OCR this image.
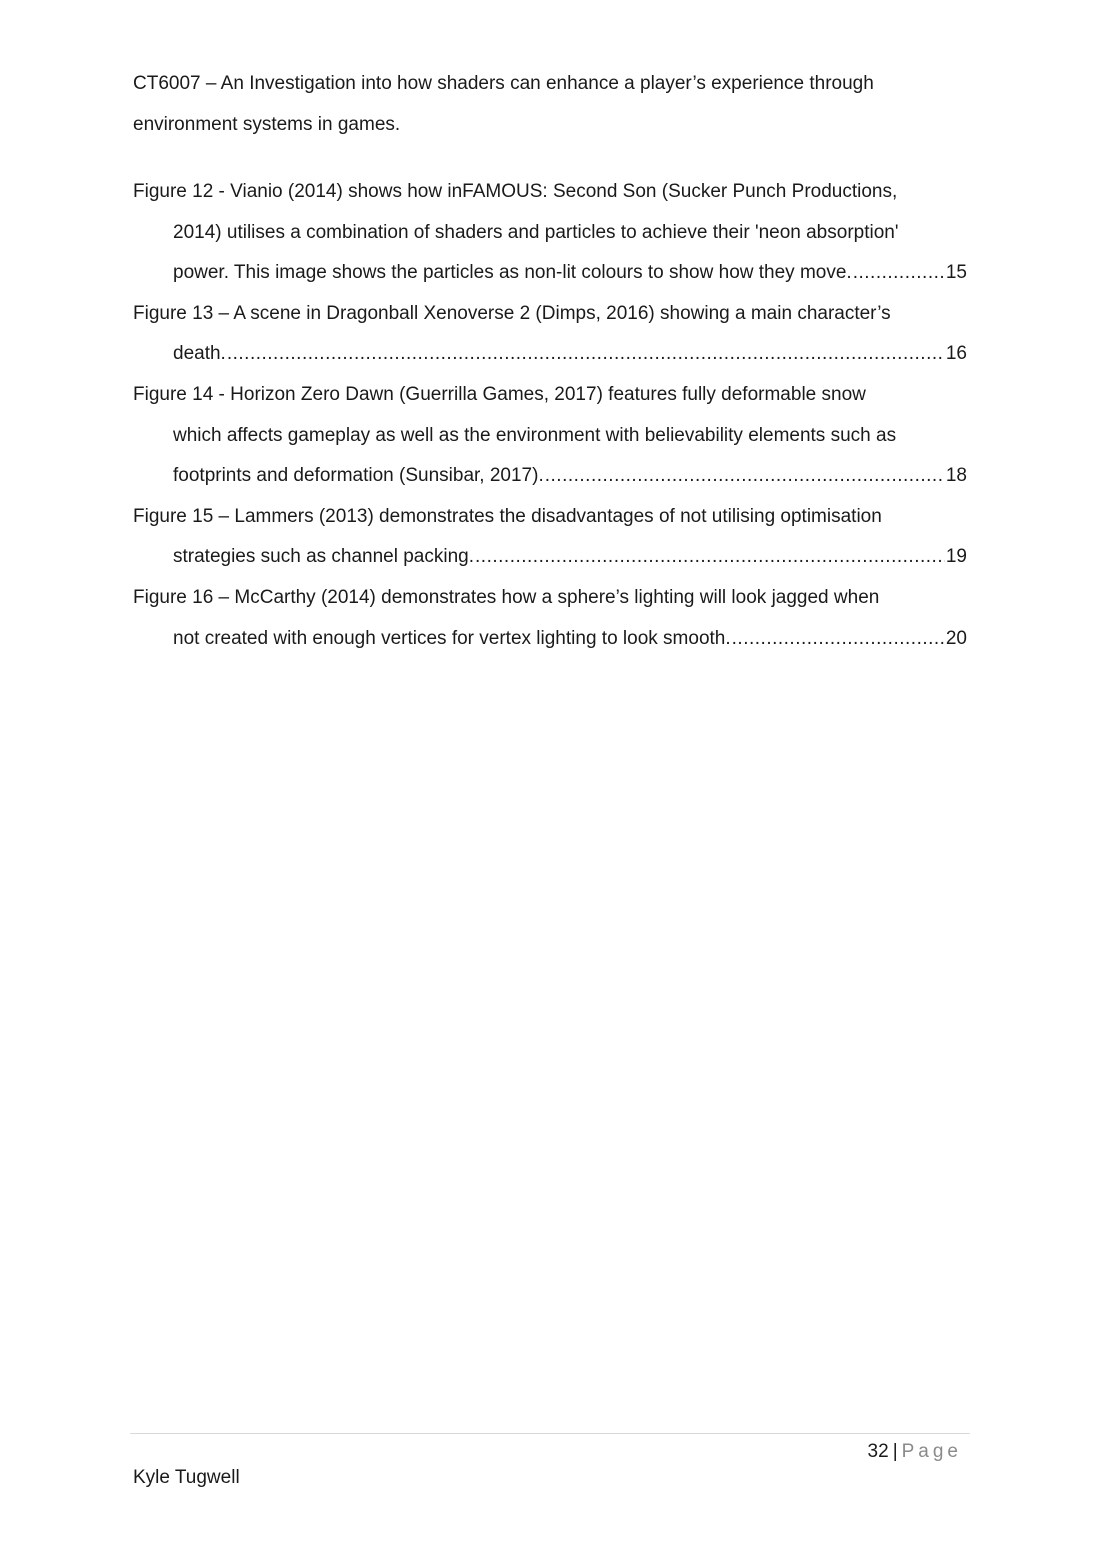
CT6007 – An Investigation into how shaders can enhance a player’s experience through
environment systems in games.
Figure 12 - Vianio (2014) shows how inFAMOUS: Second Son (Sucker Punch Productions,
2014) utilises a combination of shaders and particles to achieve their 'neon absorption'
power. This image shows the particles as non-lit colours to show how they move. .....	15
Figure 13 – A scene in Dragonball Xenoverse 2 (Dimps, 2016) showing a main character’s
death. .....	16
Figure 14 - Horizon Zero Dawn (Guerrilla Games, 2017) features fully deformable snow
which affects gameplay as well as the environment with believability elements such as
footprints and deformation (Sunsibar, 2017). .....	18
Figure 15 – Lammers (2013) demonstrates the disadvantages of not utilising optimisation
strategies such as channel packing. .....	19
Figure 16 – McCarthy (2014) demonstrates how a sphere’s lighting will look jagged when
not created with enough vertices for vertex lighting to look smooth. .....	20
32 | Page
Kyle Tugwell
